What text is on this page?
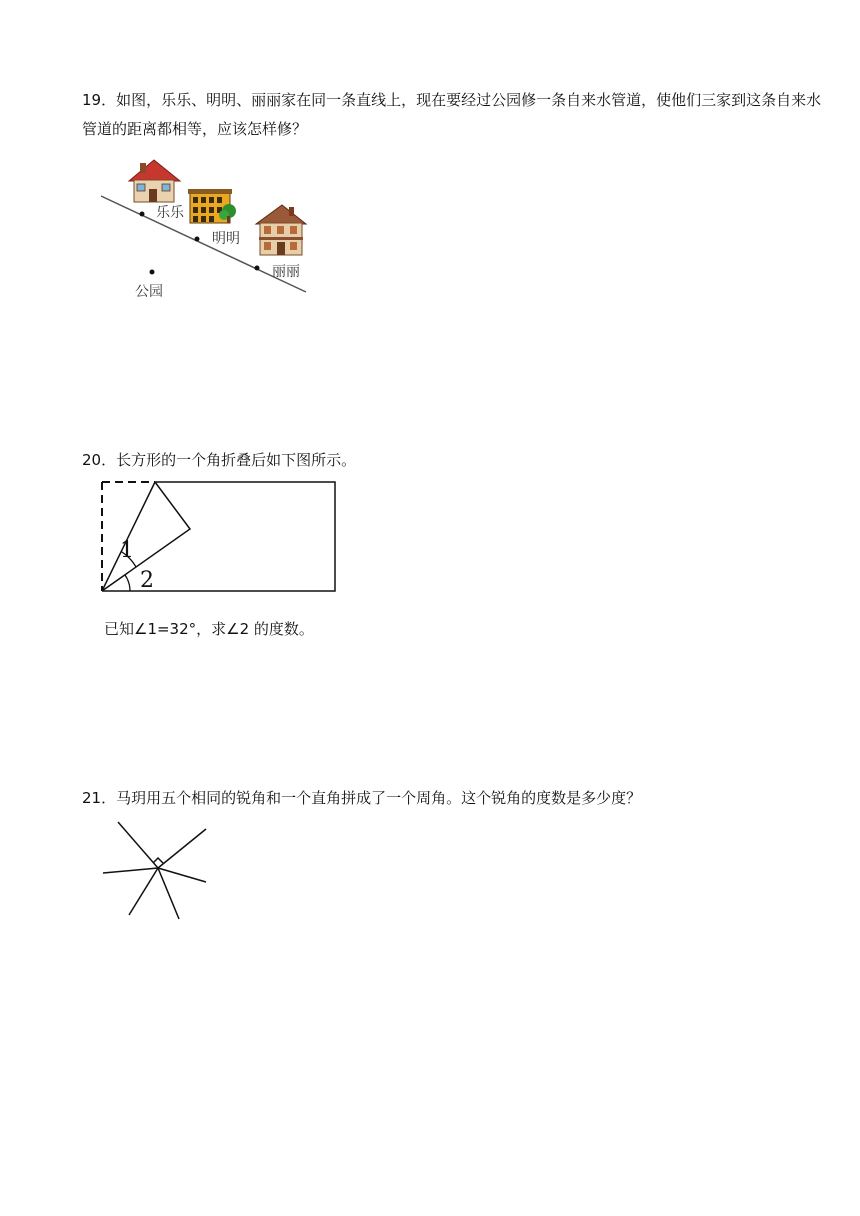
19．如图，乐乐、明明、丽丽家在同一条直线上，现在要经过公园修一条自来水管道，使他们三家到这条自来水管道的距离都相等，应该怎样修？
乐乐
明明
丽丽
公园
20．长方形的一个角折叠后如下图所示。
1
2
已知∠1=32°，求∠2 的度数。
21．马玥用五个相同的锐角和一个直角拼成了一个周角。这个锐角的度数是多少度？
